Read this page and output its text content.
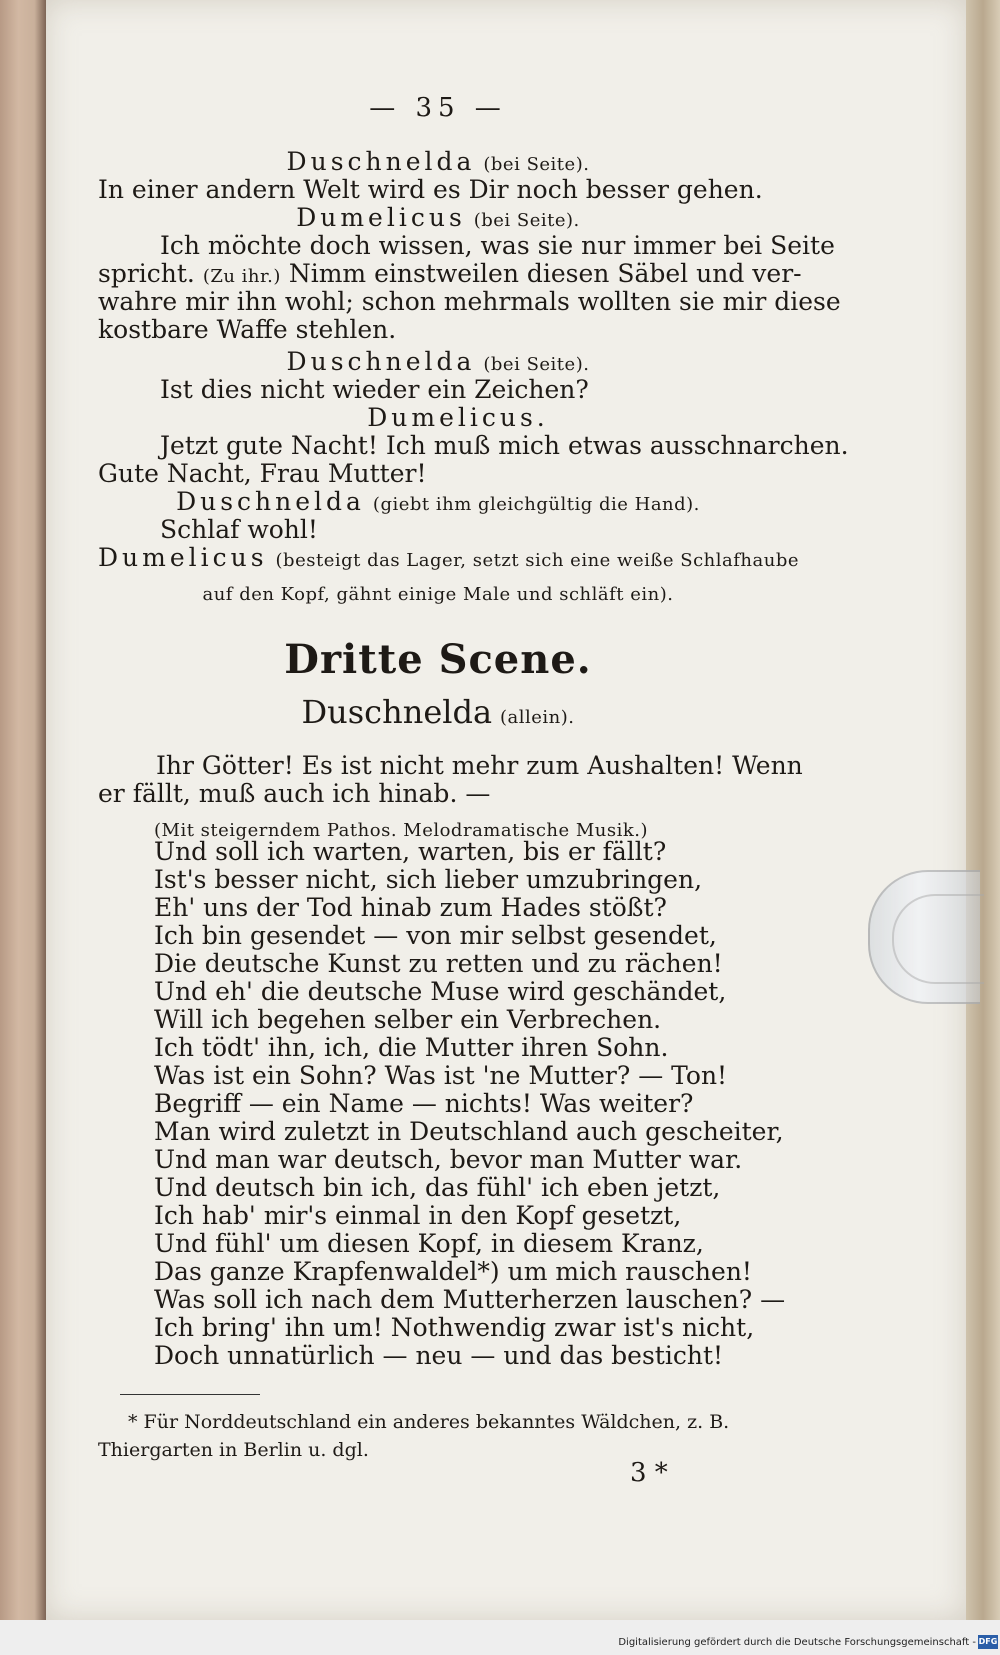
— 35 —
Duschnelda (bei Seite).
In einer andern Welt wird es Dir noch besser gehen.
Dumelicus (bei Seite).
Ich möchte doch wissen, was sie nur immer bei Seite
spricht. (Zu ihr.) Nimm einstweilen diesen Säbel und ver-
wahre mir ihn wohl; schon mehrmals wollten sie mir diese
kostbare Waffe stehlen.
Duschnelda (bei Seite).
Ist dies nicht wieder ein Zeichen?
Dumelicus.
Jetzt gute Nacht! Ich muß mich etwas ausschnarchen.
Gute Nacht, Frau Mutter!
Duschnelda (giebt ihm gleichgültig die Hand).
Schlaf wohl!
Dumelicus (besteigt das Lager, setzt sich eine weiße Schlafhaube
auf den Kopf, gähnt einige Male und schläft ein).
Dritte Scene.
Duschnelda (allein).
Ihr Götter! Es ist nicht mehr zum Aushalten! Wenn
er fällt, muß auch ich hinab. —
(Mit steigerndem Pathos. Melodramatische Musik.)
Und soll ich warten, warten, bis er fällt?
Ist's besser nicht, sich lieber umzubringen,
Eh' uns der Tod hinab zum Hades stößt?
Ich bin gesendet — von mir selbst gesendet,
Die deutsche Kunst zu retten und zu rächen!
Und eh' die deutsche Muse wird geschändet,
Will ich begehen selber ein Verbrechen.
Ich tödt' ihn, ich, die Mutter ihren Sohn.
Was ist ein Sohn? Was ist 'ne Mutter? — Ton!
Begriff — ein Name — nichts! Was weiter?
Man wird zuletzt in Deutschland auch gescheiter,
Und man war deutsch, bevor man Mutter war.
Und deutsch bin ich, das fühl' ich eben jetzt,
Ich hab' mir's einmal in den Kopf gesetzt,
Und fühl' um diesen Kopf, in diesem Kranz,
Das ganze Krapfenwaldel*) um mich rauschen!
Was soll ich nach dem Mutterherzen lauschen? —
Ich bring' ihn um! Nothwendig zwar ist's nicht,
Doch unnatürlich — neu — und das besticht!
* Für Norddeutschland ein anderes bekanntes Wäldchen, z. B.
Thiergarten in Berlin u. dgl.
3 *
Digitalisierung gefördert durch die Deutsche Forschungsgemeinschaft - DFG
